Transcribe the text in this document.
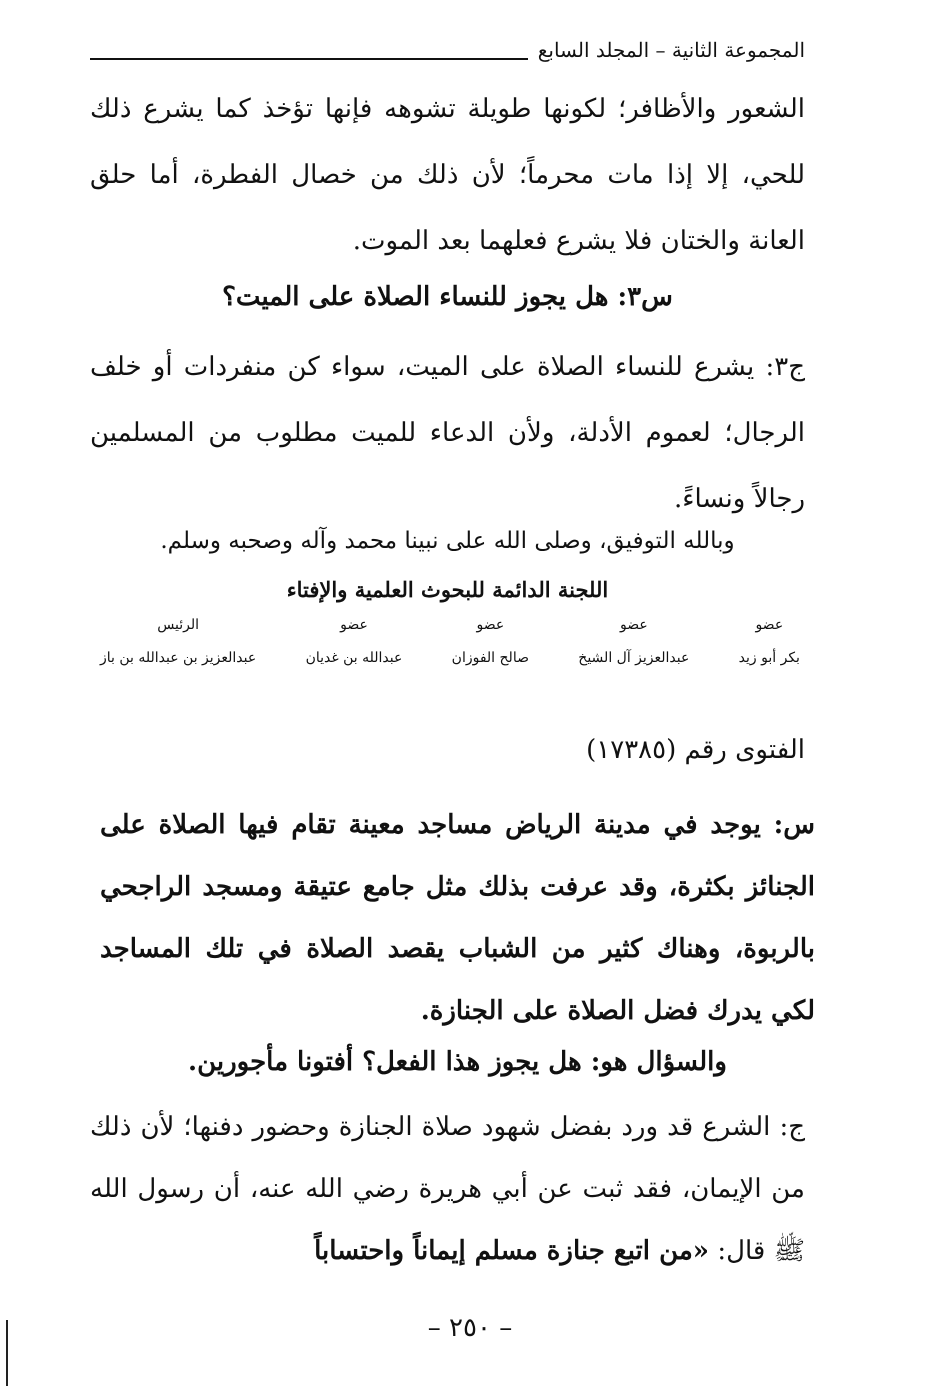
المجموعة الثانية – المجلد السابع
الشعور والأظافر؛ لكونها طويلة تشوهه فإنها تؤخذ كما يشرع ذلك للحي، إلا إذا مات محرماً؛ لأن ذلك من خصال الفطرة، أما حلق العانة والختان فلا يشرع فعلهما بعد الموت.
س٣: هل يجوز للنساء الصلاة على الميت؟
ج٣: يشرع للنساء الصلاة على الميت، سواء كن منفردات أو خلف الرجال؛ لعموم الأدلة، ولأن الدعاء للميت مطلوب من المسلمين رجالاً ونساءً.
وبالله التوفيق، وصلى الله على نبينا محمد وآله وصحبه وسلم.
اللجنة الدائمة للبحوث العلمية والإفتاء
عضو
بكر أبو زيد
عضو
عبدالعزيز آل الشيخ
عضو
صالح الفوزان
عضو
عبدالله بن غديان
الرئيس
عبدالعزيز بن عبدالله بن باز
الفتوى رقم (١٧٣٨٥)
س: يوجد في مدينة الرياض مساجد معينة تقام فيها الصلاة على الجنائز بكثرة، وقد عرفت بذلك مثل جامع عتيقة ومسجد الراجحي بالربوة، وهناك كثير من الشباب يقصد الصلاة في تلك المساجد لكي يدرك فضل الصلاة على الجنازة.
والسؤال هو: هل يجوز هذا الفعل؟ أفتونا مأجورين.
ج: الشرع قد ورد بفضل شهود صلاة الجنازة وحضور دفنها؛ لأن ذلك من الإيمان، فقد ثبت عن أبي هريرة رضي الله عنه، أن رسول الله ﷺ قال: «من اتبع جنازة مسلم إيماناً واحتساباً
– ٢٥٠ –
